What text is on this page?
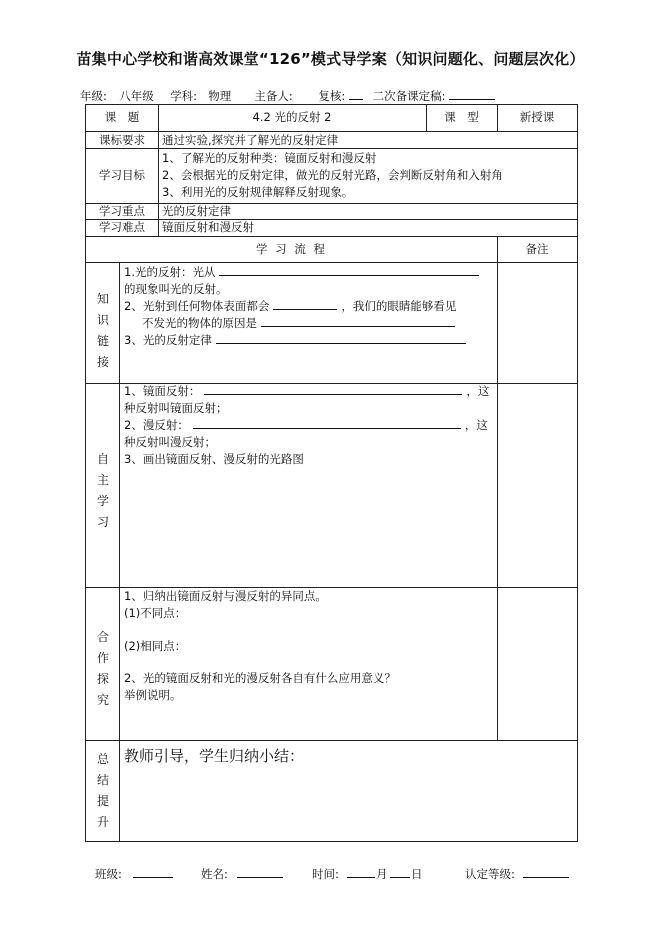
苗集中心学校和谐高效课堂“126”模式导学案（知识问题化、问题层次化）
年级: 八年级 学科: 物理 主备人: 复核: 二次备课定稿:
课　题	4.2 光的反射 2	课　型	新授课
课标要求	通过实验,探究并了解光的反射定律
学习目标
1、了解光的反射种类：镜面反射和漫反射
2、会根据光的反射定律，做光的反射光路，会判断反射角和入射角
3、利用光的反射规律解释反射现象。
学习重点	光的反射定律
学习难点	镜面反射和漫反射
学 习 流 程	备注
知
识
链
接
1.光的反射：光从
的现象叫光的反射。
2、光射到任何物体表面都会	，我们的眼睛能够看见
不发光的物体的原因是
3、光的反射定律
自
主
学
习
1、镜面反射：	，这
种反射叫镜面反射；
2、漫反射：	，这
种反射叫漫反射；
3、画出镜面反射、漫反射的光路图
合
作
探
究
1、归纳出镜面反射与漫反射的异同点。
(1)不同点：
(2)相同点：
2、光的镜面反射和光的漫反射各自有什么应用意义？
举例说明。
总
结
提
升
教师引导，学生归纳小结：
班级:	姓名:	时间:	月 日	认定等级:
